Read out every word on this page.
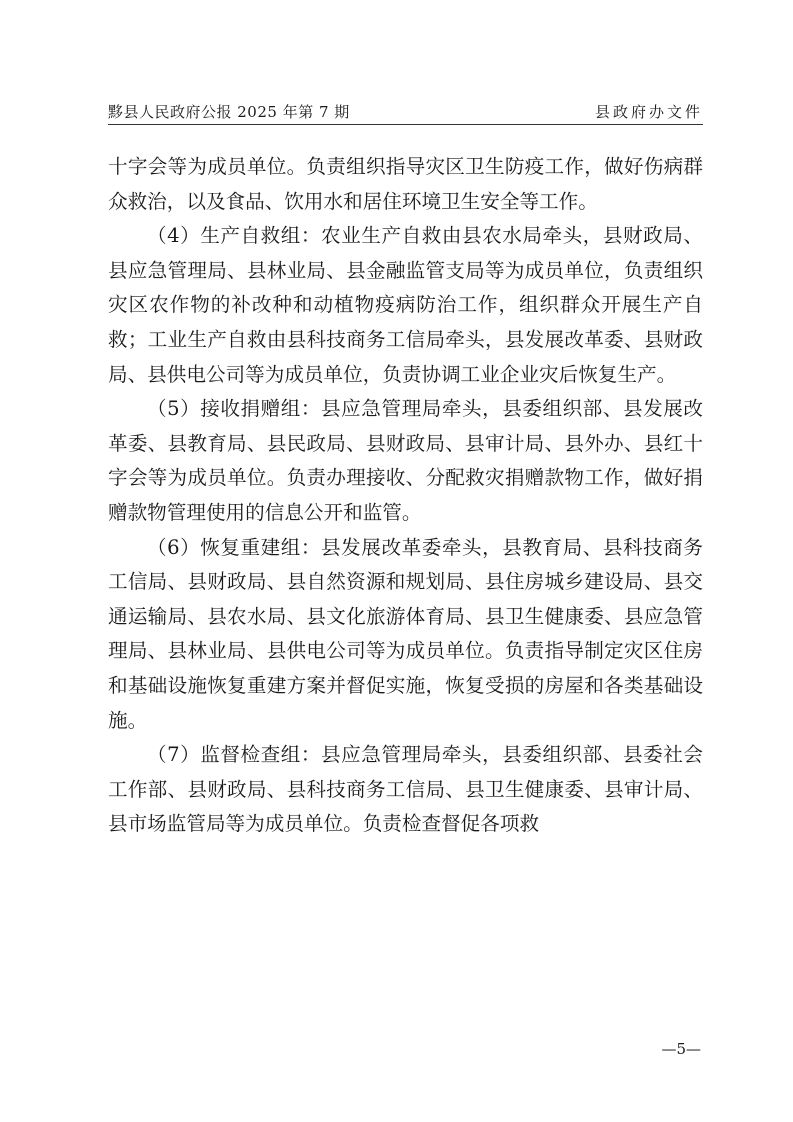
黟县人民政府公报 2025 年第 7 期	县政府办文件

十字会等为成员单位。负责组织指导灾区卫生防疫工作，做好伤病群众救治，以及食品、饮用水和居住环境卫生安全等工作。

（4）生产自救组：农业生产自救由县农水局牵头，县财政局、县应急管理局、县林业局、县金融监管支局等为成员单位，负责组织灾区农作物的补改种和动植物疫病防治工作，组织群众开展生产自救；工业生产自救由县科技商务工信局牵头，县发展改革委、县财政局、县供电公司等为成员单位，负责协调工业企业灾后恢复生产。

（5）接收捐赠组：县应急管理局牵头，县委组织部、县发展改革委、县教育局、县民政局、县财政局、县审计局、县外办、县红十字会等为成员单位。负责办理接收、分配救灾捐赠款物工作，做好捐赠款物管理使用的信息公开和监管。

（6）恢复重建组：县发展改革委牵头，县教育局、县科技商务工信局、县财政局、县自然资源和规划局、县住房城乡建设局、县交通运输局、县农水局、县文化旅游体育局、县卫生健康委、县应急管理局、县林业局、县供电公司等为成员单位。负责指导制定灾区住房和基础设施恢复重建方案并督促实施，恢复受损的房屋和各类基础设施。

（7）监督检查组：县应急管理局牵头，县委组织部、县委社会工作部、县财政局、县科技商务工信局、县卫生健康委、县审计局、县市场监管局等为成员单位。负责检查督促各项救

—5—
